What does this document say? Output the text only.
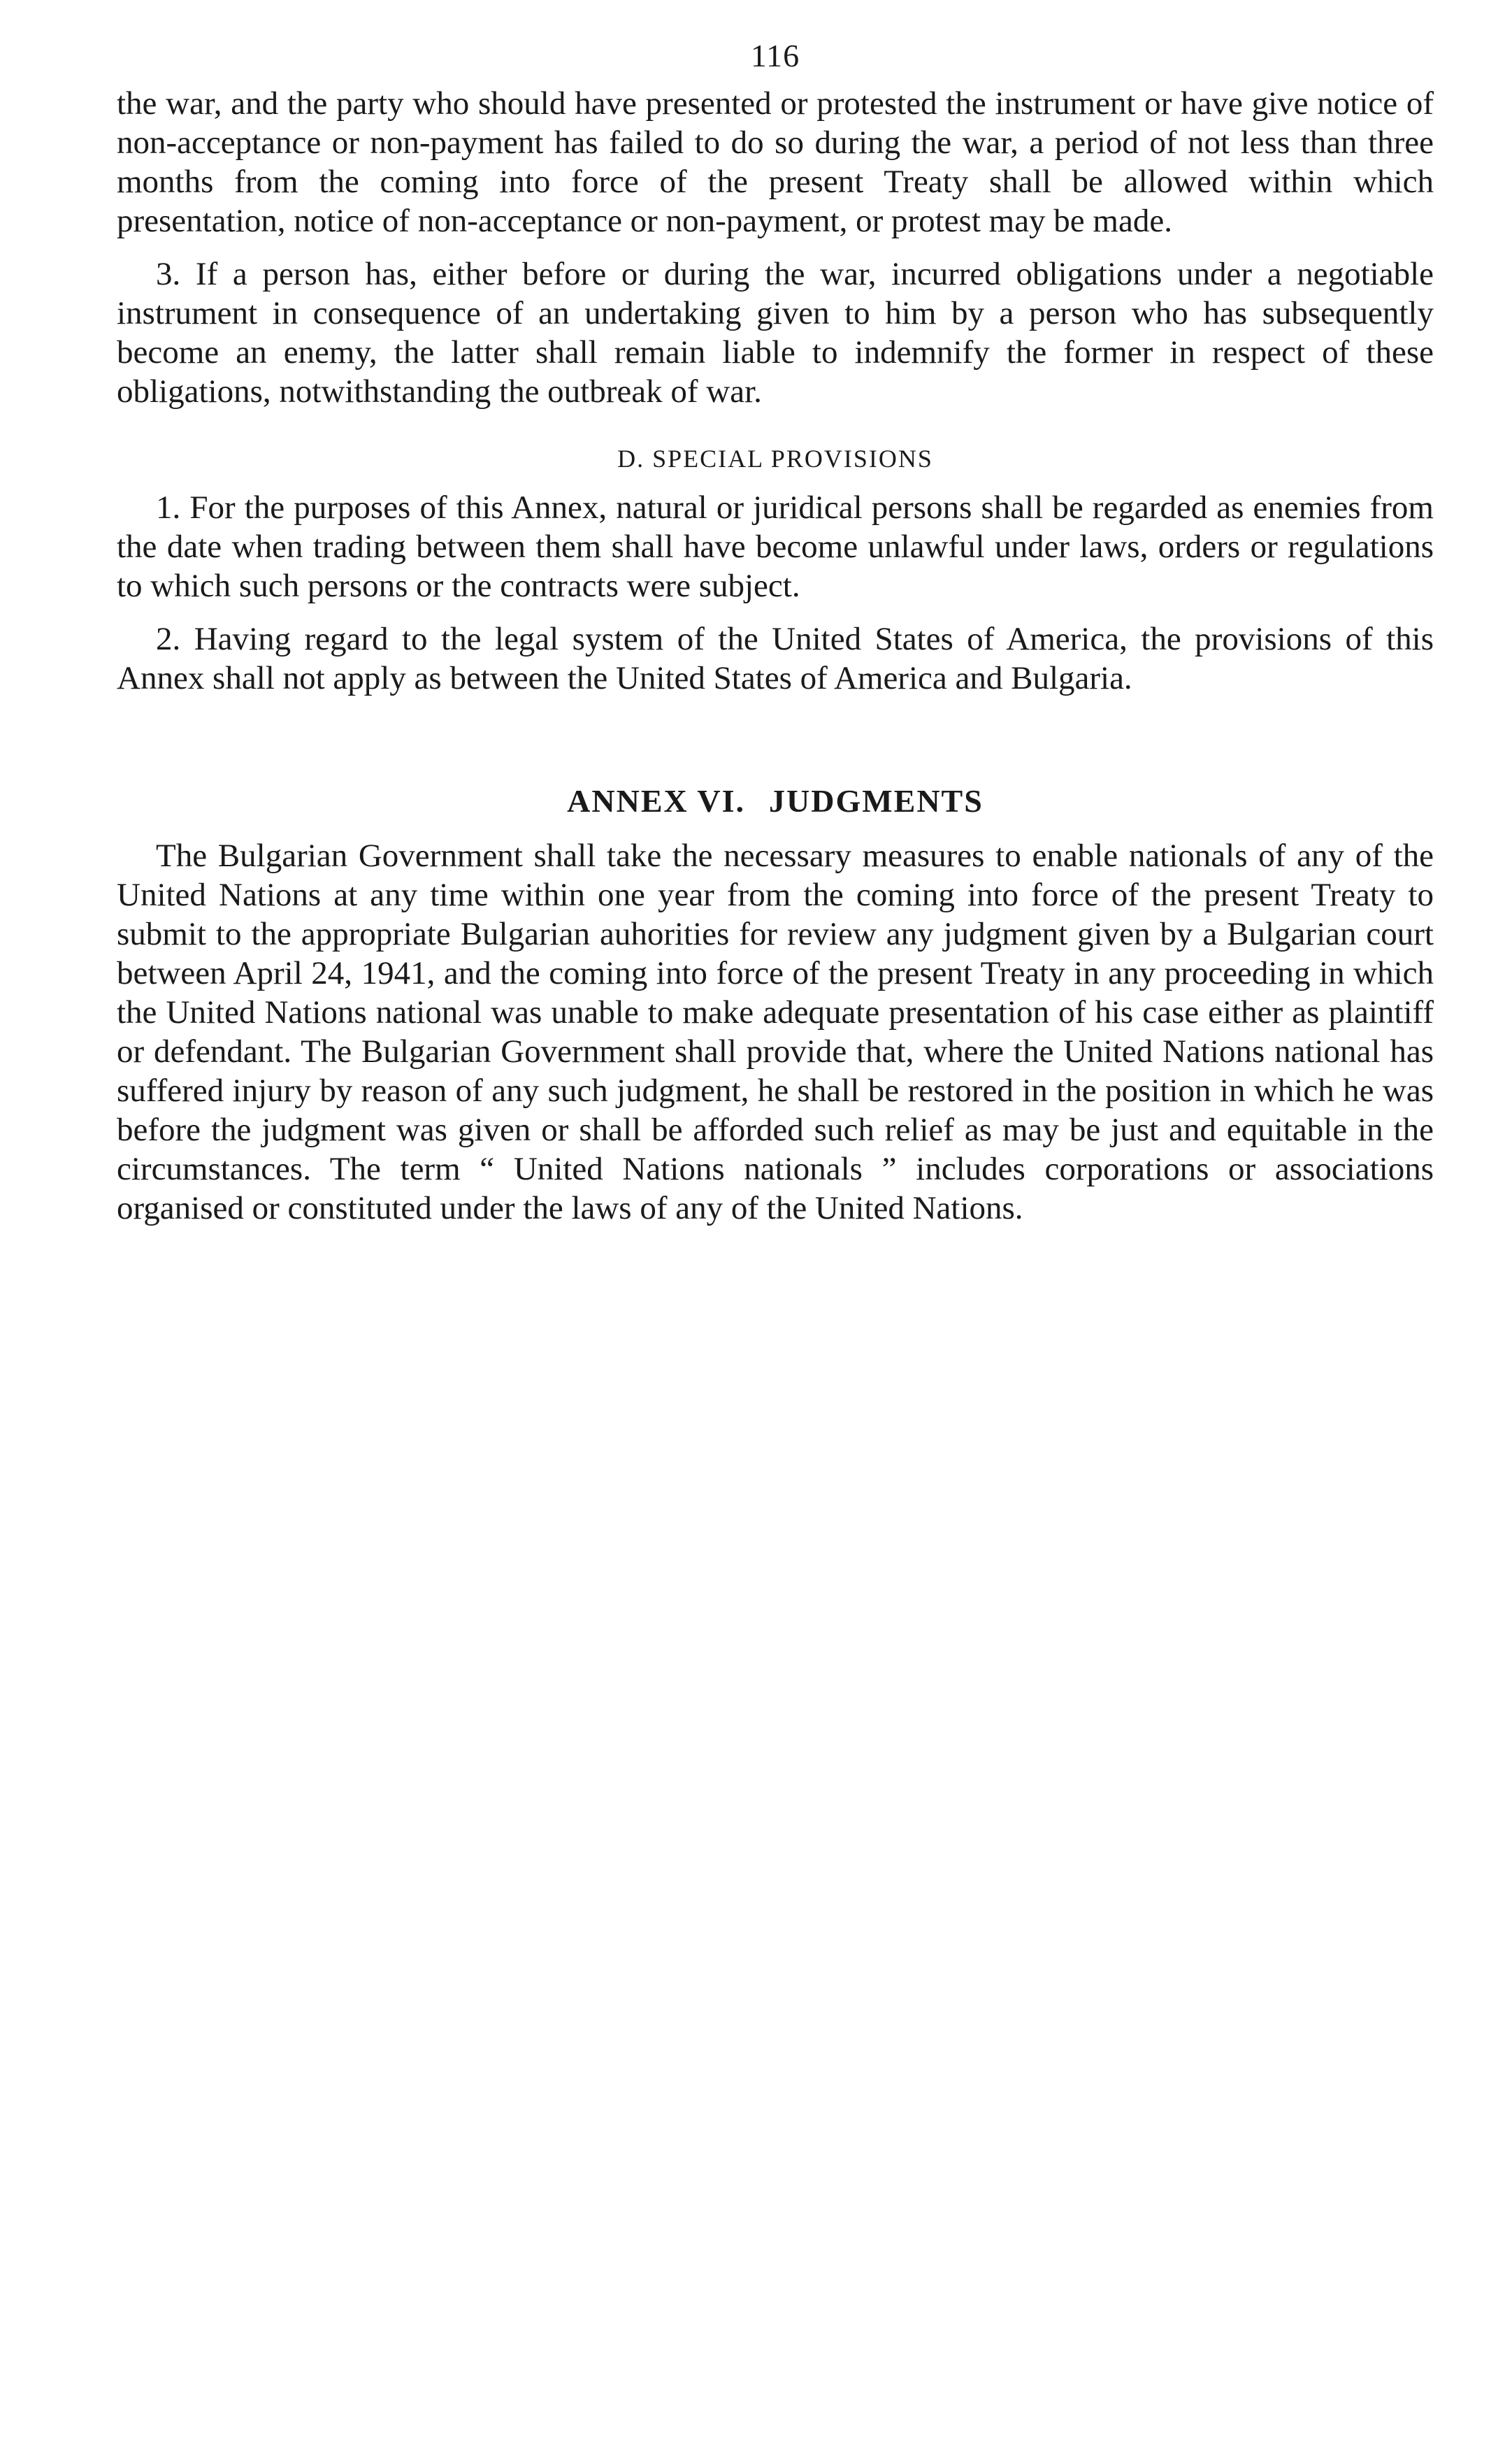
116

the war, and the party who should have presented or protested the instrument or have give notice of non-acceptance or non-payment has failed to do so during the war, a period of not less than three months from the coming into force of the present Treaty shall be allowed within which presentation, notice of non-acceptance or non-payment, or protest may be made.

3. If a person has, either before or during the war, incurred obligations under a negotiable instrument in consequence of an undertaking given to him by a person who has subsequently become an enemy, the latter shall remain liable to indemnify the former in respect of these obligations, notwithstanding the outbreak of war.

D. SPECIAL PROVISIONS

1. For the purposes of this Annex, natural or juridical persons shall be regarded as enemies from the date when trading between them shall have become unlawful under laws, orders or regulations to which such persons or the contracts were subject.

2. Having regard to the legal system of the United States of America, the provisions of this Annex shall not apply as between the United States of America and Bulgaria.

ANNEX VI. JUDGMENTS

The Bulgarian Government shall take the necessary measures to enable nationals of any of the United Nations at any time within one year from the coming into force of the present Treaty to submit to the appropriate Bulgarian auhorities for review any judgment given by a Bulgarian court between April 24, 1941, and the coming into force of the present Treaty in any proceeding in which the United Nations national was unable to make adequate presentation of his case either as plaintiff or defendant. The Bulgarian Government shall provide that, where the United Nations national has suffered injury by reason of any such judgment, he shall be restored in the position in which he was before the judgment was given or shall be afforded such relief as may be just and equitable in the circumstances. The term “ United Nations nationals ” includes corporations or associations organised or constituted under the laws of any of the United Nations.
